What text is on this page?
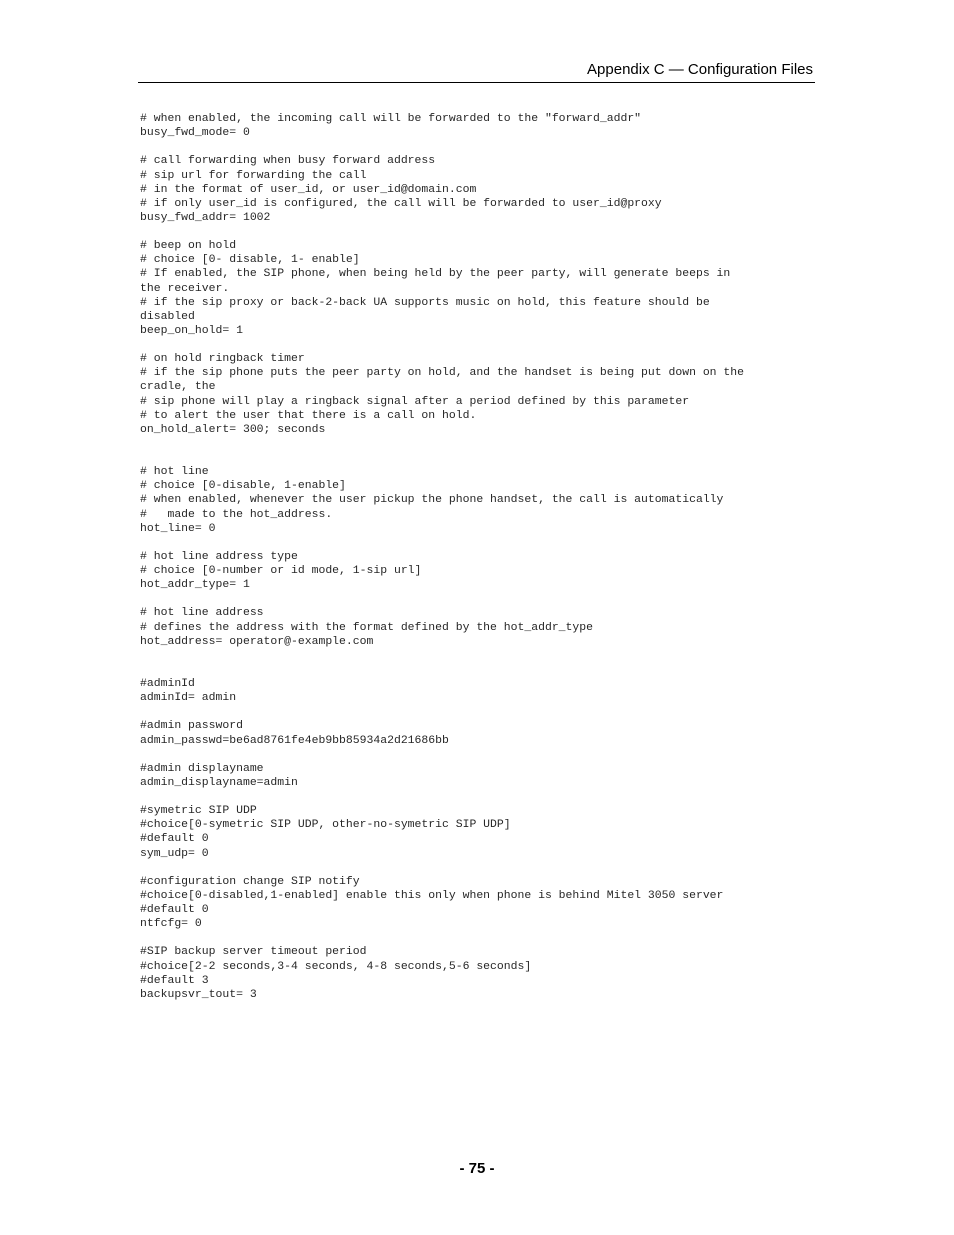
Appendix C — Configuration Files
# when enabled, the incoming call will be forwarded to the "forward_addr"
busy_fwd_mode= 0
# call forwarding when busy forward address
# sip url for forwarding the call
# in the format of user_id, or user_id@domain.com
# if only user_id is configured, the call will be forwarded to user_id@proxy
busy_fwd_addr= 1002
# beep on hold
# choice [0- disable, 1- enable]
# If enabled, the SIP phone, when being held by the peer party, will generate beeps in
the receiver.
# if the sip proxy or back-2-back UA supports music on hold, this feature should be
disabled
beep_on_hold= 1
# on hold ringback timer
# if the sip phone puts the peer party on hold, and the handset is being put down on the
cradle, the
# sip phone will play a ringback signal after a period defined by this parameter
# to alert the user that there is a call on hold.
on_hold_alert= 300; seconds
# hot line
# choice [0-disable, 1-enable]
# when enabled, whenever the user pickup the phone handset, the call is automatically
#   made to the hot_address.
hot_line= 0
# hot line address type
# choice [0-number or id mode, 1-sip url]
hot_addr_type= 1
# hot line address
# defines the address with the format defined by the hot_addr_type
hot_address= operator@-example.com
#adminId
adminId= admin
#admin password
admin_passwd=be6ad8761fe4eb9bb85934a2d21686bb
#admin displayname
admin_displayname=admin
#symetric SIP UDP
#choice[0-symetric SIP UDP, other-no-symetric SIP UDP]
#default 0
sym_udp= 0
#configuration change SIP notify
#choice[0-disabled,1-enabled] enable this only when phone is behind Mitel 3050 server
#default 0
ntfcfg= 0
#SIP backup server timeout period
#choice[2-2 seconds,3-4 seconds, 4-8 seconds,5-6 seconds]
#default 3
backupsvr_tout= 3
- 75 -
